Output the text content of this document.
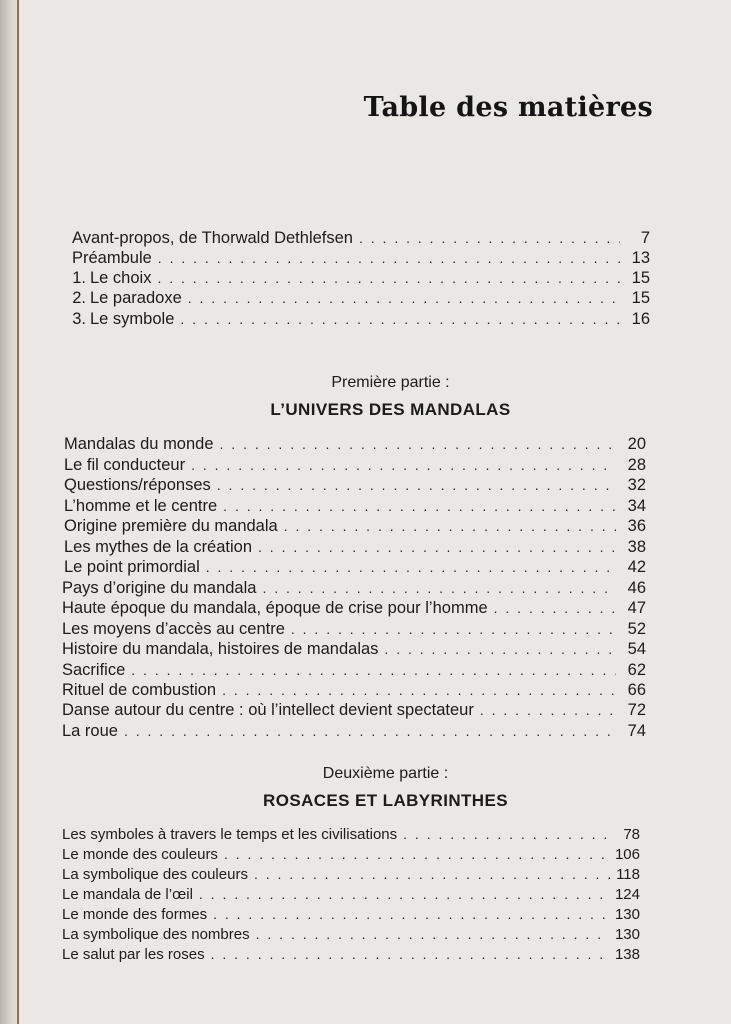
Table des matières
Avant-propos, de Thorwald Dethlefsen . . .	7
Préambule . . .	13
1. Le choix . . .	15
2. Le paradoxe . . .	15
3. Le symbole . . .	16
Première partie :
L’UNIVERS DES MANDALAS
Mandalas du monde . . .	20
Le fil conducteur . . .	28
Questions/réponses . . .	32
L’homme et le centre . . .	34
Origine première du mandala . . .	36
Les mythes de la création . . .	38
Le point primordial . . .	42
Pays d’origine du mandala . . .	46
Haute époque du mandala, époque de crise pour l’homme . . .	47
Les moyens d’accès au centre . . .	52
Histoire du mandala, histoires de mandalas . . .	54
Sacrifice . . .	62
Rituel de combustion . . .	66
Danse autour du centre : où l’intellect devient spectateur . . .	72
La roue . . .	74
Deuxième partie :
ROSACES ET LABYRINTHES
Les symboles à travers le temps et les civilisations . . .	78
Le monde des couleurs . . .	106
La symbolique des couleurs . . .	118
Le mandala de l’œil . . .	124
Le monde des formes . . .	130
La symbolique des nombres . . .	130
Le salut par les roses . . .	138
